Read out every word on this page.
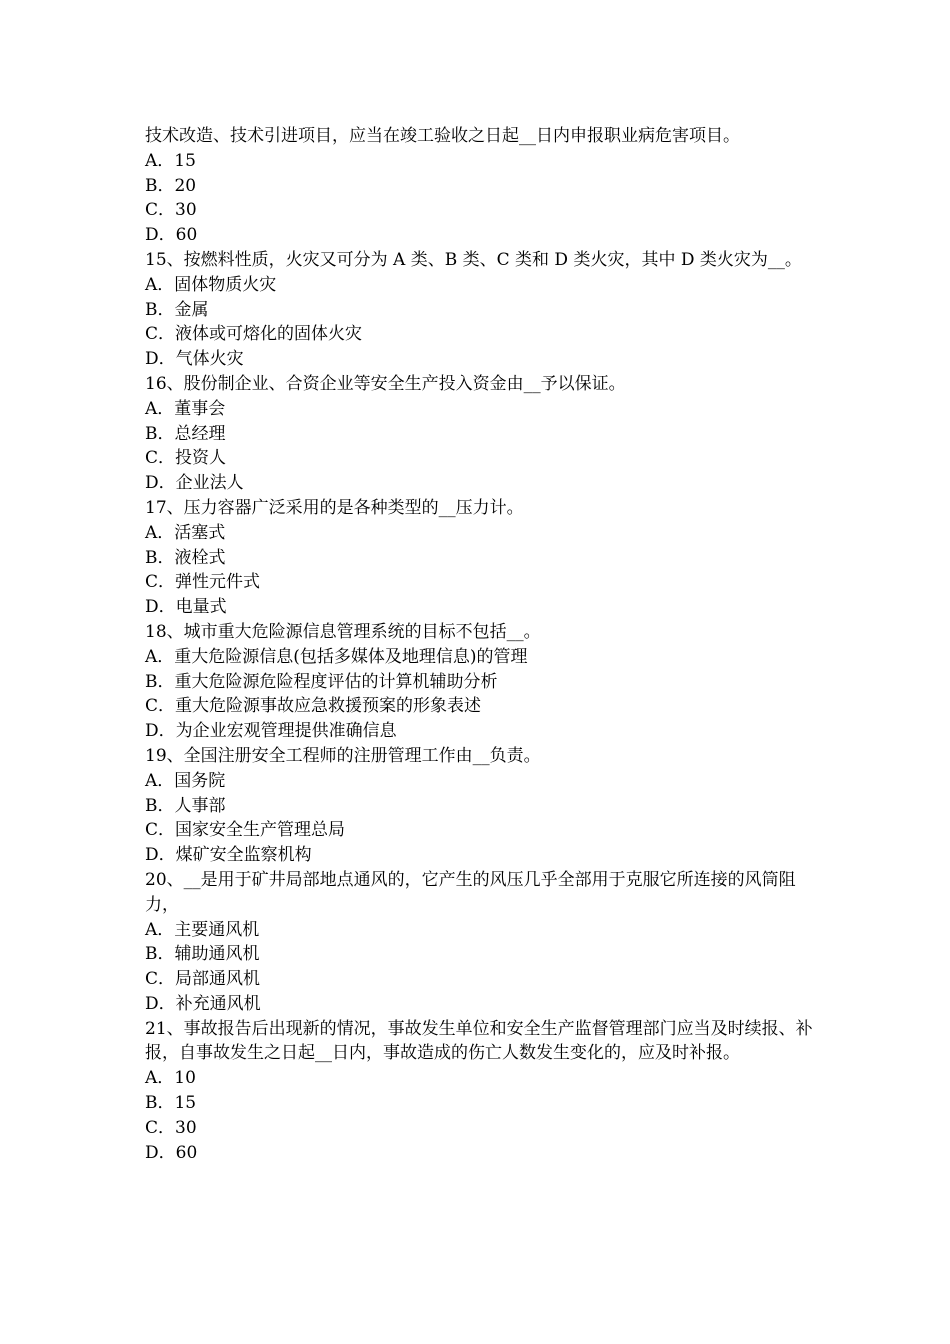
技术改造、技术引进项目，应当在竣工验收之日起__日内申报职业病危害项目。

A．15

B．20

C．30

D．60

15、按燃料性质，火灾又可分为 A 类、B 类、C 类和 D 类火灾，其中 D 类火灾为__。

A．固体物质火灾

B．金属

C．液体或可熔化的固体火灾

D．气体火灾

16、股份制企业、合资企业等安全生产投入资金由__予以保证。

A．董事会

B．总经理

C．投资人

D．企业法人

17、压力容器广泛采用的是各种类型的__压力计。

A．活塞式

B．液栓式

C．弹性元件式

D．电量式

18、城市重大危险源信息管理系统的目标不包括__。

A．重大危险源信息(包括多媒体及地理信息)的管理

B．重大危险源危险程度评估的计算机辅助分析

C．重大危险源事故应急救援预案的形象表述

D．为企业宏观管理提供准确信息

19、全国注册安全工程师的注册管理工作由__负责。

A．国务院

B．人事部

C．国家安全生产管理总局

D．煤矿安全监察机构

20、__是用于矿井局部地点通风的，它产生的风压几乎全部用于克服它所连接的风筒阻力，

A．主要通风机

B．辅助通风机

C．局部通风机

D．补充通风机

21、事故报告后出现新的情况，事故发生单位和安全生产监督管理部门应当及时续报、补报，自事故发生之日起__日内，事故造成的伤亡人数发生变化的，应及时补报。

A．10

B．15

C．30

D．60
